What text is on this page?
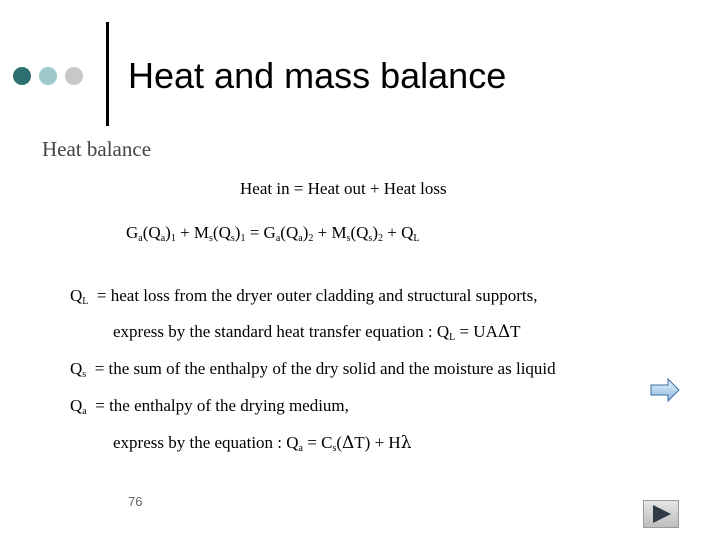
Heat and mass balance
Heat balance
Heat in = Heat out + Heat loss
$G_a(Q_a)_1 + M_s(Q_s)_1 = G_a(Q_a)_2 + M_s(Q_s)_2 + Q_L$
$Q_L$  = heat loss from the dryer outer cladding and structural supports,
express by the standard heat transfer equation : $Q_L = UA\Delta T$
$Q_s$  = the sum of the enthalpy of the dry solid and the moisture as liquid
$Q_a$  = the enthalpy of the drying medium,
express by the equation : $Q_a = C_s(\Delta T) + H\lambda$
76
